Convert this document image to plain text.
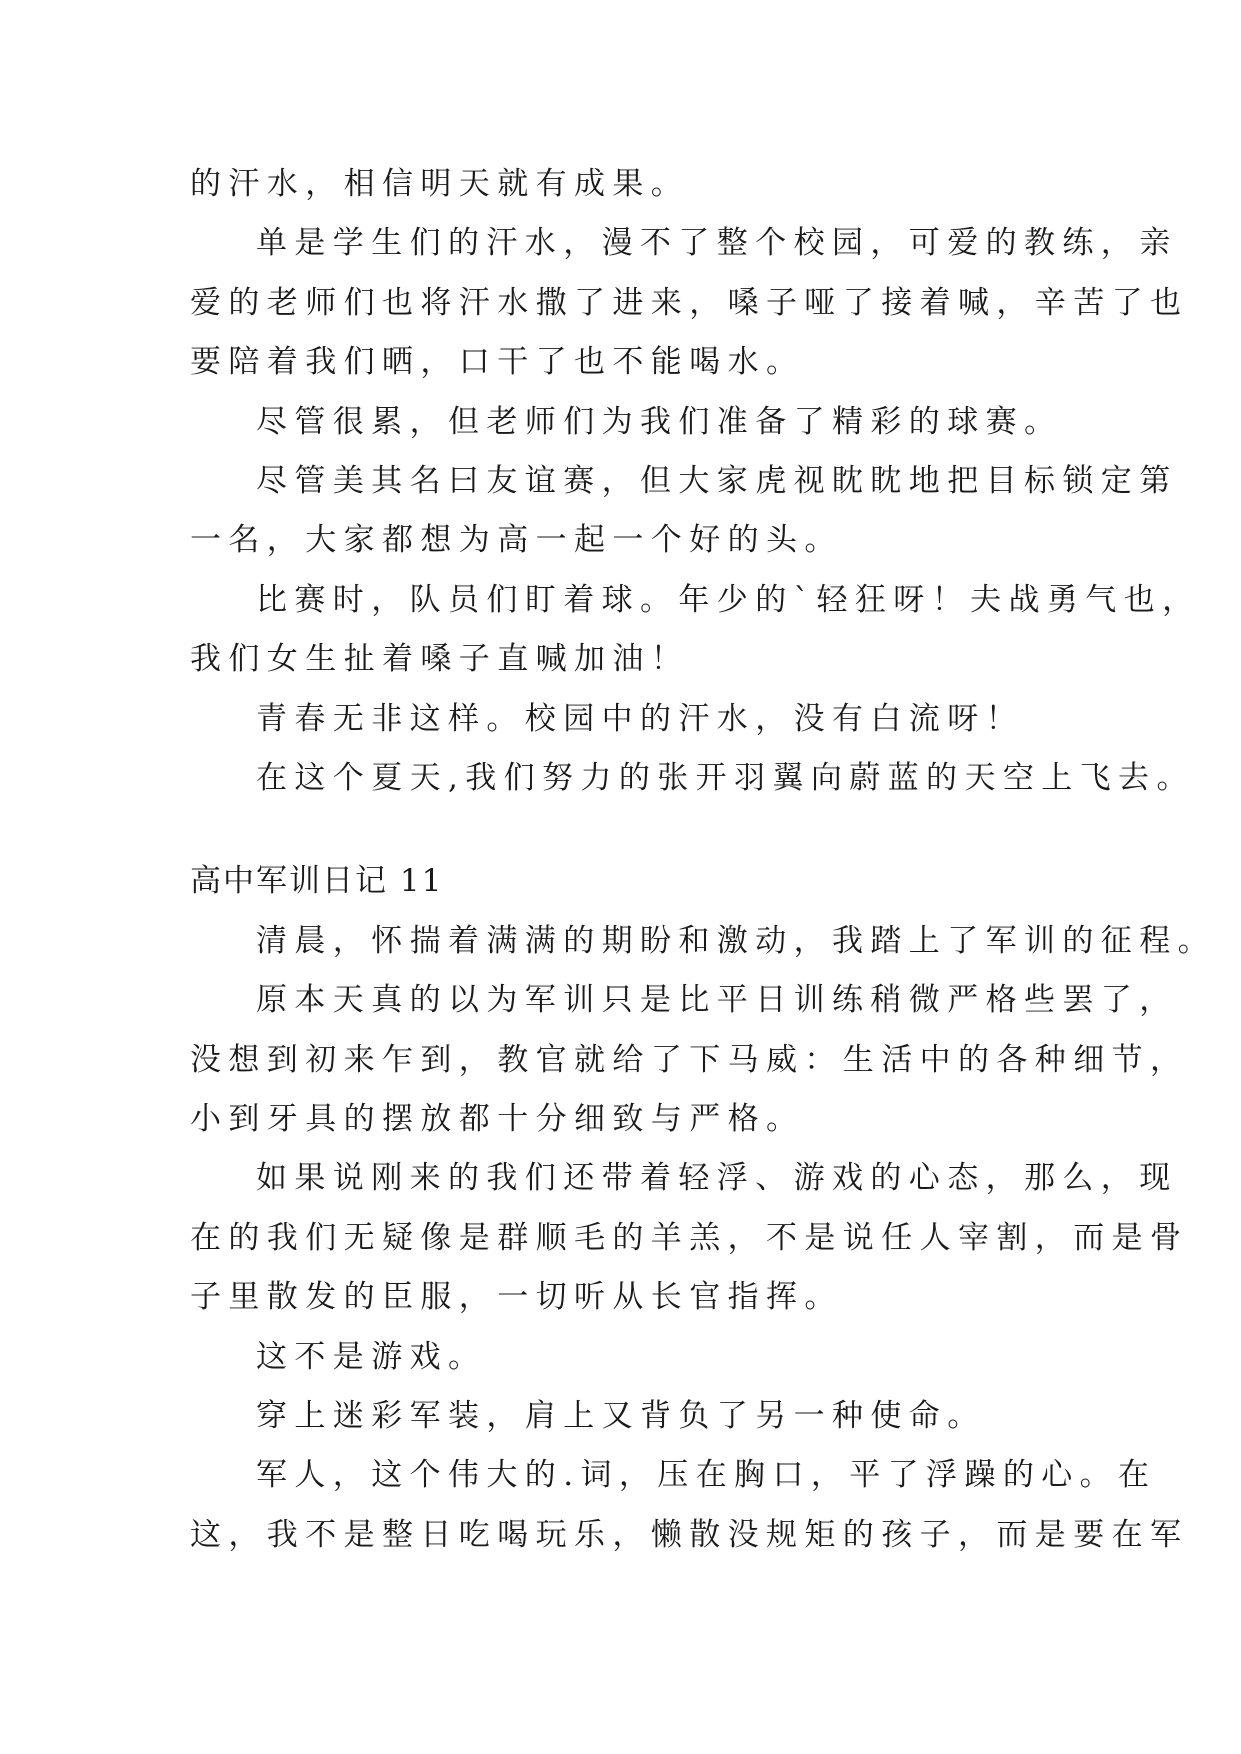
的汗水，相信明天就有成果。
单是学生们的汗水，漫不了整个校园，可爱的教练，亲
爱的老师们也将汗水撒了进来，嗓子哑了接着喊，辛苦了也
要陪着我们晒，口干了也不能喝水。
尽管很累，但老师们为我们准备了精彩的球赛。
尽管美其名曰友谊赛，但大家虎视眈眈地把目标锁定第
一名，大家都想为高一起一个好的头。
比赛时，队员们盯着球。年少的`轻狂呀！夫战勇气也，
我们女生扯着嗓子直喊加油！
青春无非这样。校园中的汗水，没有白流呀！
在这个夏天,我们努力的张开羽翼向蔚蓝的天空上飞去。
高中军训日记 11
清晨，怀揣着满满的期盼和激动，我踏上了军训的征程。
原本天真的以为军训只是比平日训练稍微严格些罢了，
没想到初来乍到，教官就给了下马威：生活中的各种细节，
小到牙具的摆放都十分细致与严格。
如果说刚来的我们还带着轻浮、游戏的心态，那么，现
在的我们无疑像是群顺毛的羊羔，不是说任人宰割，而是骨
子里散发的臣服，一切听从长官指挥。
这不是游戏。
穿上迷彩军装，肩上又背负了另一种使命。
军人，这个伟大的.词，压在胸口，平了浮躁的心。在
这，我不是整日吃喝玩乐，懒散没规矩的孩子，而是要在军
